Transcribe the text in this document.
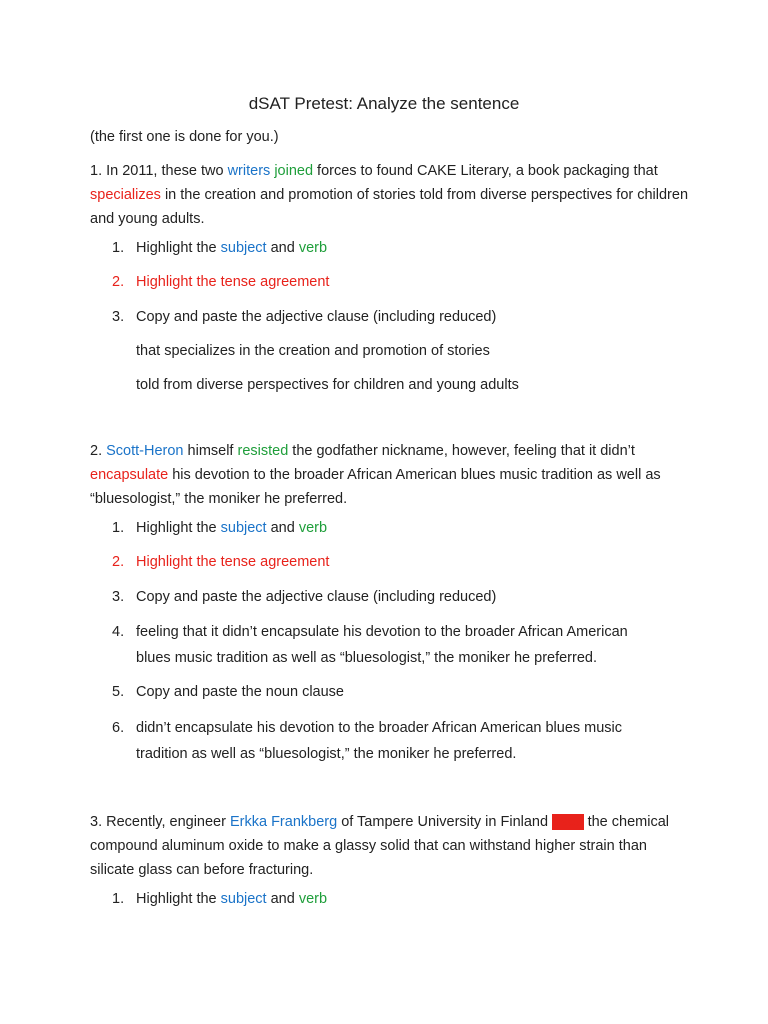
dSAT Pretest: Analyze the sentence
(the first one is done for you.)
1. In 2011, these two writers joined forces to found CAKE Literary, a book packaging that specializes in the creation and promotion of stories told from diverse perspectives for children and young adults.
1. Highlight the subject and verb
2. Highlight the tense agreement
3. Copy and paste the adjective clause (including reduced)
that specializes in the creation and promotion of stories
told from diverse perspectives for children and young adults
2. Scott-Heron himself resisted the godfather nickname, however, feeling that it didn’t encapsulate his devotion to the broader African American blues music tradition as well as “bluesologist,” the moniker he preferred.
1. Highlight the subject and verb
2. Highlight the tense agreement
3. Copy and paste the adjective clause (including reduced)
4. feeling that it didn’t encapsulate his devotion to the broader African American
blues music tradition as well as “bluesologist,” the moniker he preferred.
5. Copy and paste the noun clause
6. didn’t encapsulate his devotion to the broader African American blues music
tradition as well as “bluesologist,” the moniker he preferred.
3. Recently, engineer Erkka Frankberg of Tampere University in Finland used the chemical compound aluminum oxide to make a glassy solid that can withstand higher strain than silicate glass can before fracturing.
1. Highlight the subject and verb
